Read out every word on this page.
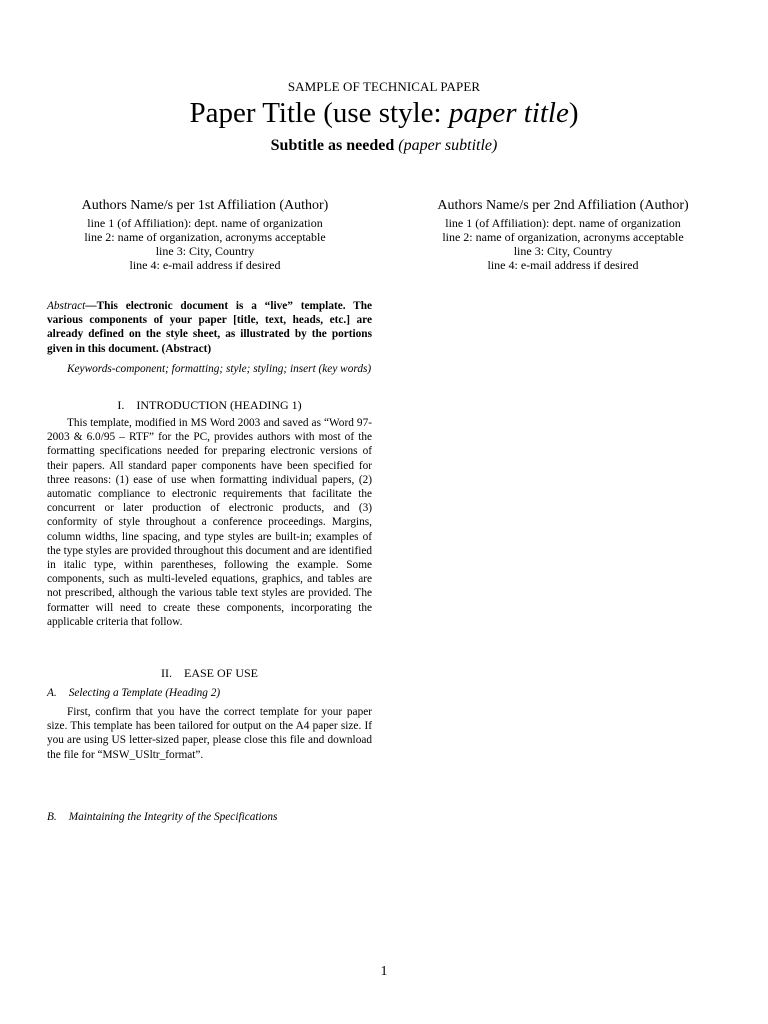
SAMPLE OF TECHNICAL PAPER
Paper Title (use style: paper title)
Subtitle as needed (paper subtitle)
Authors Name/s per 1st Affiliation (Author)
line 1 (of Affiliation): dept. name of organization
line 2: name of organization, acronyms acceptable
line 3: City, Country
line 4: e-mail address if desired
Authors Name/s per 2nd Affiliation (Author)
line 1 (of Affiliation): dept. name of organization
line 2: name of organization, acronyms acceptable
line 3: City, Country
line 4: e-mail address if desired
Abstract—This electronic document is a “live” template. The various components of your paper [title, text, heads, etc.] are already defined on the style sheet, as illustrated by the portions given in this document. (Abstract)
Keywords-component; formatting; style; styling; insert (key words)
I. INTRODUCTION (HEADING 1)
This template, modified in MS Word 2003 and saved as “Word 97-2003 & 6.0/95 – RTF” for the PC, provides authors with most of the formatting specifications needed for preparing electronic versions of their papers. All standard paper components have been specified for three reasons: (1) ease of use when formatting individual papers, (2) automatic compliance to electronic requirements that facilitate the concurrent or later production of electronic products, and (3) conformity of style throughout a conference proceedings. Margins, column widths, line spacing, and type styles are built-in; examples of the type styles are provided throughout this document and are identified in italic type, within parentheses, following the example. Some components, such as multi-leveled equations, graphics, and tables are not prescribed, although the various table text styles are provided. The formatter will need to create these components, incorporating the applicable criteria that follow.
II. EASE OF USE
A. Selecting a Template (Heading 2)
First, confirm that you have the correct template for your paper size. This template has been tailored for output on the A4 paper size. If you are using US letter-sized paper, please close this file and download the file for “MSW_USltr_format”.
B. Maintaining the Integrity of the Specifications
1
